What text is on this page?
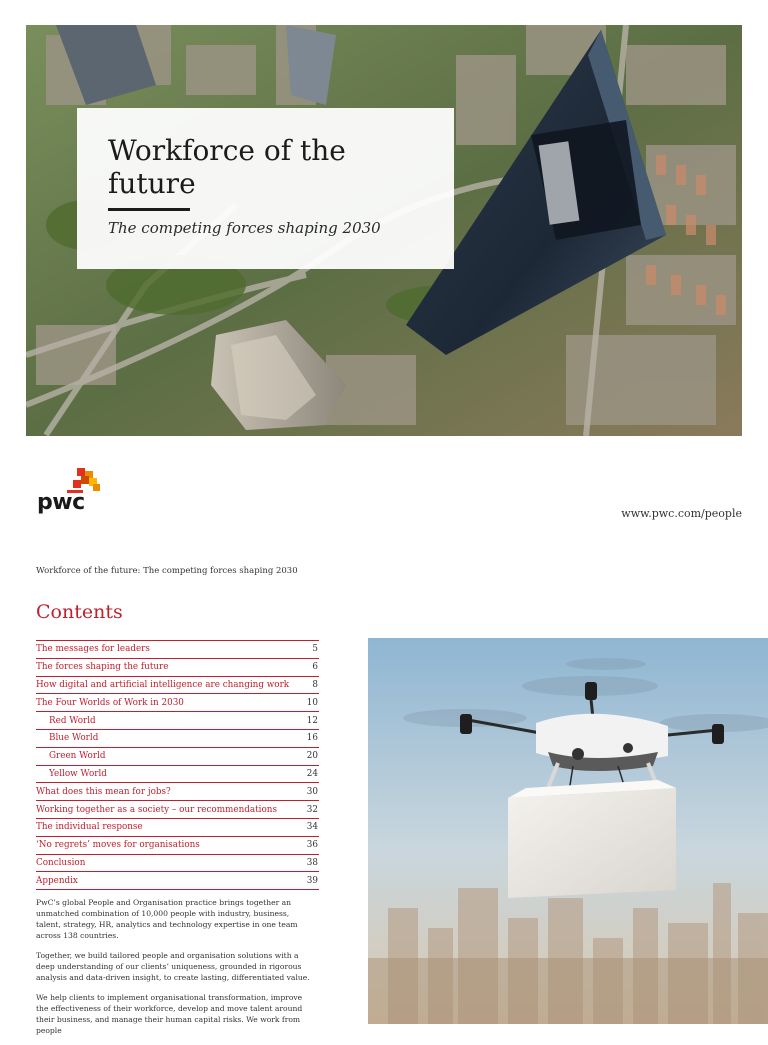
Workforce of the future
The competing forces shaping 2030
pwc	www.pwc.com/people
Workforce of the future: The competing forces shaping 2030
Contents
The messages for leaders	5
The forces shaping the future	6
How digital and artificial intelligence are changing work	8
The Four Worlds of Work in 2030	10
Red World	12
Blue World	16
Green World	20
Yellow World	24
What does this mean for jobs?	30
Working together as a society – our recommendations	32
The individual response	34
‘No regrets’ moves for organisations	36
Conclusion	38
Appendix	39

PwC’s global People and Organisation practice brings together an unmatched combination of 10,000 people with industry, business, talent, strategy, HR, analytics and technology expertise in one team across 138 countries.

Together, we build tailored people and organisation solutions with a deep understanding of our clients’ uniqueness, grounded in rigorous analysis and data-driven insight, to create lasting, differentiated value.

We help clients to implement organisational transformation, improve the effectiveness of their workforce, develop and move talent around their business, and manage their human capital risks. We work from people
